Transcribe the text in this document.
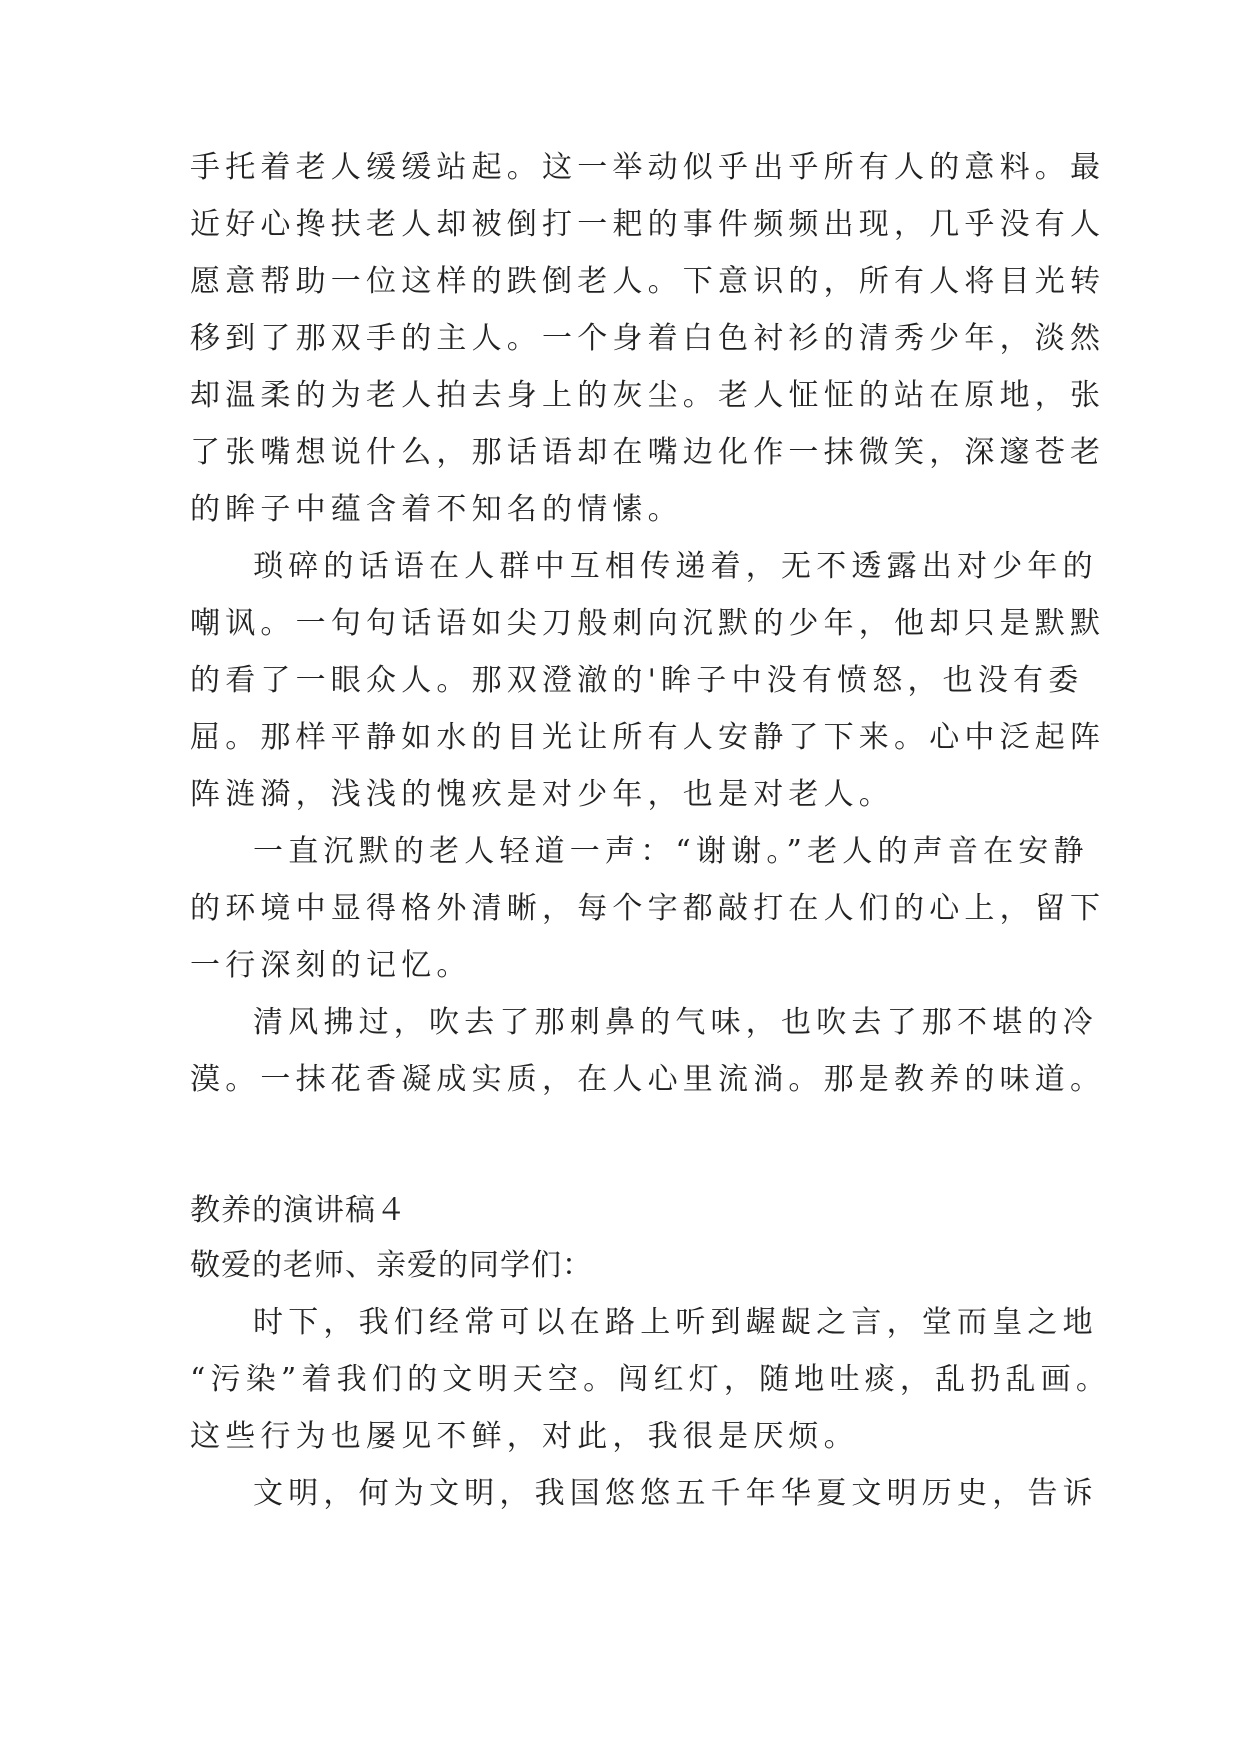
手托着老人缓缓站起。这一举动似乎出乎所有人的意料。最
近好心搀扶老人却被倒打一耙的事件频频出现，几乎没有人
愿意帮助一位这样的跌倒老人。下意识的，所有人将目光转
移到了那双手的主人。一个身着白色衬衫的清秀少年，淡然
却温柔的为老人拍去身上的灰尘。老人怔怔的站在原地，张
了张嘴想说什么，那话语却在嘴边化作一抹微笑，深邃苍老
的眸子中蕴含着不知名的情愫。
琐碎的话语在人群中互相传递着，无不透露出对少年的
嘲讽。一句句话语如尖刀般刺向沉默的少年，他却只是默默
的看了一眼众人。那双澄澈的'眸子中没有愤怒，也没有委
屈。那样平静如水的目光让所有人安静了下来。心中泛起阵
阵涟漪，浅浅的愧疚是对少年，也是对老人。
一直沉默的老人轻道一声：“谢谢。”老人的声音在安静
的环境中显得格外清晰，每个字都敲打在人们的心上，留下
一行深刻的记忆。
清风拂过，吹去了那刺鼻的气味，也吹去了那不堪的冷
漠。一抹花香凝成实质，在人心里流淌。那是教养的味道。
教养的演讲稿４
敬爱的老师、亲爱的同学们：
时下，我们经常可以在路上听到龌龊之言，堂而皇之地
“污染”着我们的文明天空。闯红灯，随地吐痰，乱扔乱画。
这些行为也屡见不鲜，对此，我很是厌烦。
文明，何为文明，我国悠悠五千年华夏文明历史，告诉
